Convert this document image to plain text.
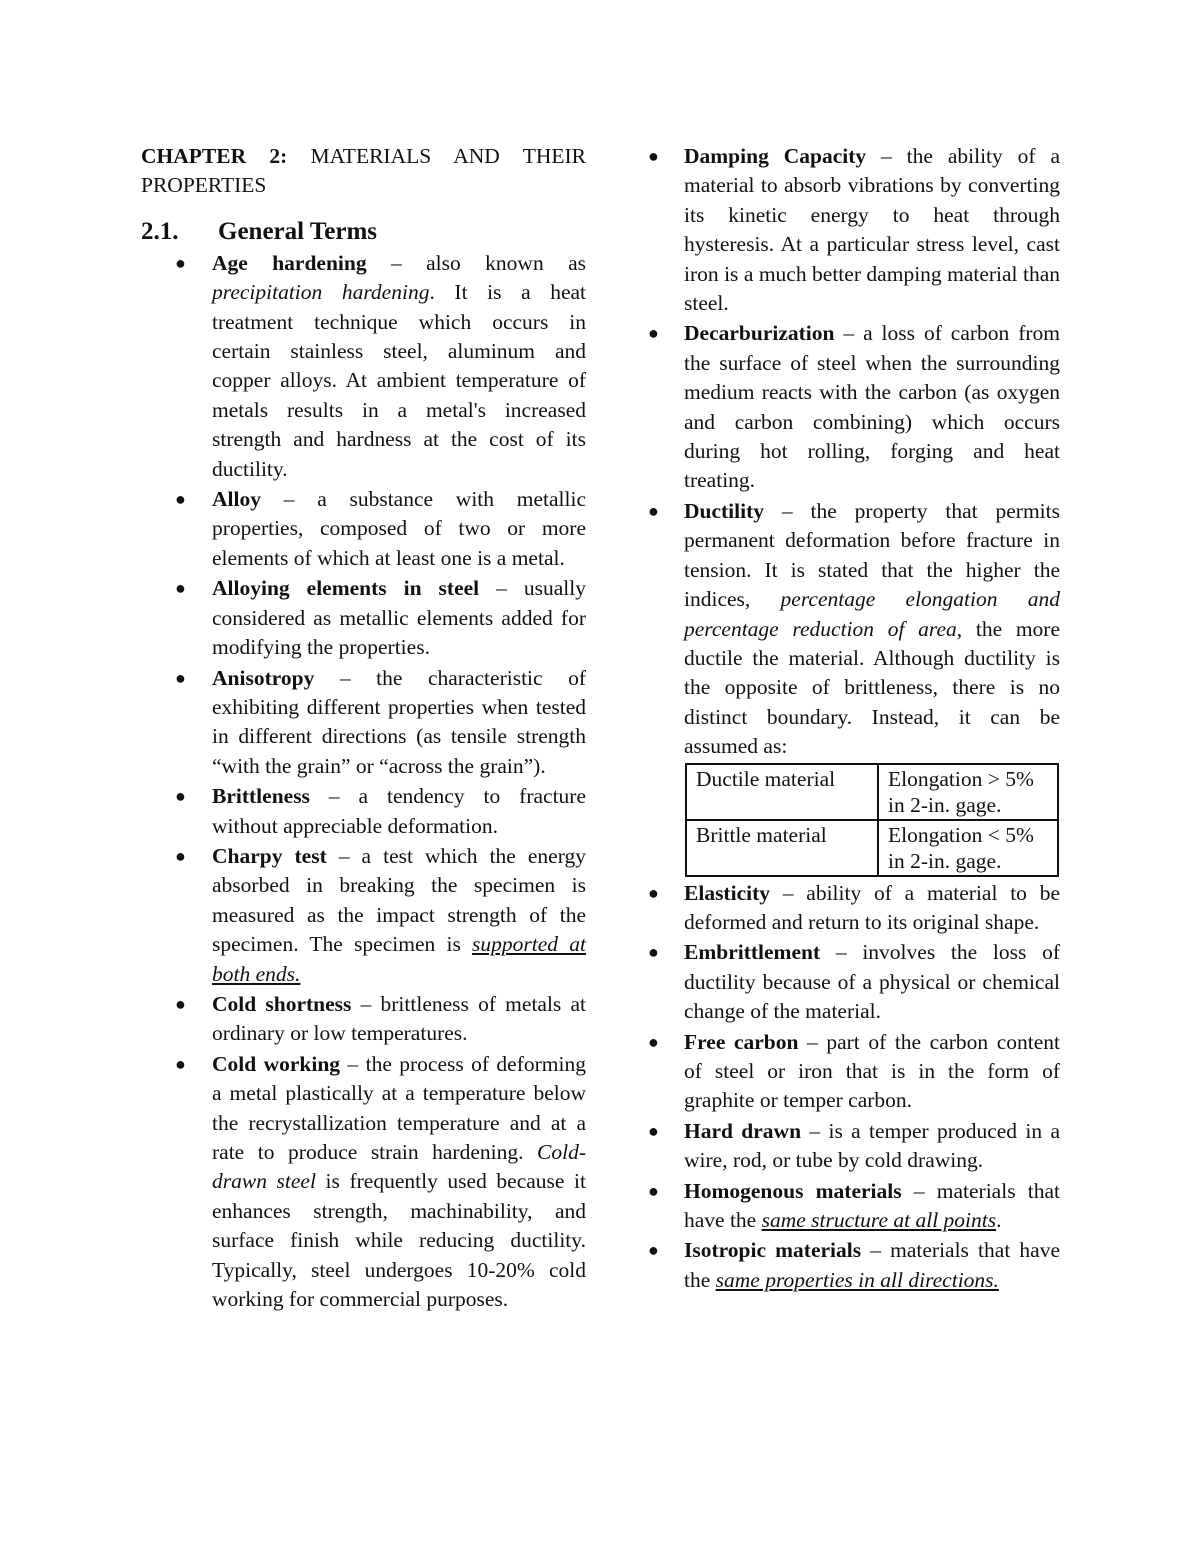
CHAPTER 2: MATERIALS AND THEIR PROPERTIES

2.1.	General Terms
● Age hardening – also known as precipitation hardening. It is a heat treatment technique which occurs in certain stainless steel, aluminum and copper alloys. At ambient temperature of metals results in a metal's increased strength and hardness at the cost of its ductility.
● Alloy – a substance with metallic properties, composed of two or more elements of which at least one is a metal.
● Alloying elements in steel – usually considered as metallic elements added for modifying the properties.
● Anisotropy – the characteristic of exhibiting different properties when tested in different directions (as tensile strength “with the grain” or “across the grain”).
● Brittleness – a tendency to fracture without appreciable deformation.
● Charpy test – a test which the energy absorbed in breaking the specimen is measured as the impact strength of the specimen. The specimen is supported at both ends.
● Cold shortness – brittleness of metals at ordinary or low temperatures.
● Cold working – the process of deforming a metal plastically at a temperature below the recrystallization temperature and at a rate to produce strain hardening. Cold-drawn steel is frequently used because it enhances strength, machinability, and surface finish while reducing ductility. Typically, steel undergoes 10-20% cold working for commercial purposes.
● Damping Capacity – the ability of a material to absorb vibrations by converting its kinetic energy to heat through hysteresis. At a particular stress level, cast iron is a much better damping material than steel.
● Decarburization – a loss of carbon from the surface of steel when the surrounding medium reacts with the carbon (as oxygen and carbon combining) which occurs during hot rolling, forging and heat treating.
● Ductility – the property that permits permanent deformation before fracture in tension. It is stated that the higher the indices, percentage elongation and percentage reduction of area, the more ductile the material. Although ductility is the opposite of brittleness, there is no distinct boundary. Instead, it can be assumed as:
Ductile material	Elongation > 5% in 2-in. gage.
Brittle material	Elongation < 5% in 2-in. gage.
● Elasticity – ability of a material to be deformed and return to its original shape.
● Embrittlement – involves the loss of ductility because of a physical or chemical change of the material.
● Free carbon – part of the carbon content of steel or iron that is in the form of graphite or temper carbon.
● Hard drawn – is a temper produced in a wire, rod, or tube by cold drawing.
● Homogenous materials – materials that have the same structure at all points.
● Isotropic materials – materials that have the same properties in all directions.
